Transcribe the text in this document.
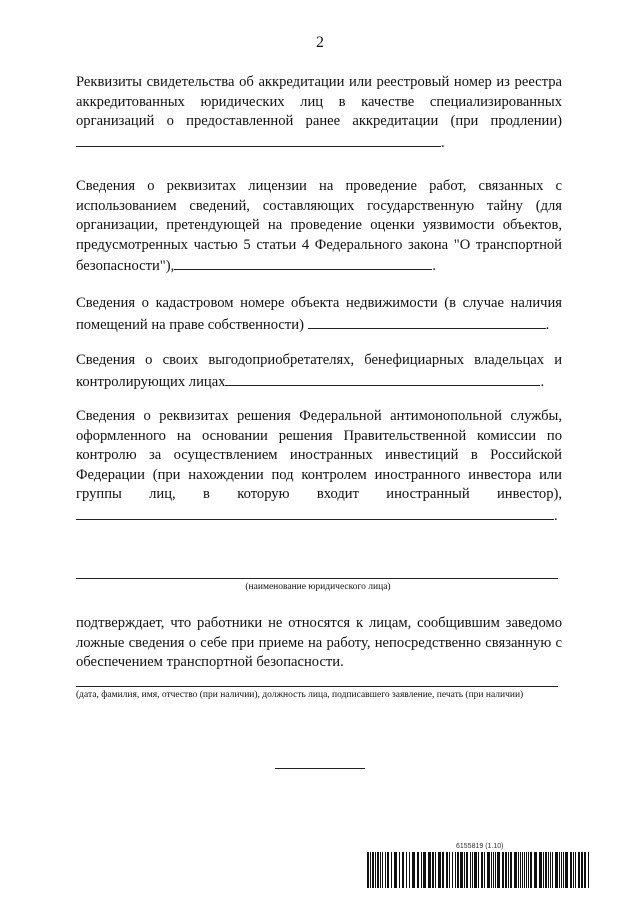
2
Реквизиты свидетельства об аккредитации или реестровый номер из реестра аккредитованных юридических лиц в качестве специализированных организаций о предоставленной ранее аккредитации (при продлении) .
Сведения о реквизитах лицензии на проведение работ, связанных с использованием сведений, составляющих государственную тайну (для организации, претендующей на проведение оценки уязвимости объектов, предусмотренных частью 5 статьи 4 Федерального закона "О транспортной безопасности"),	.
Сведения о кадастровом номере объекта недвижимости (в случае наличия помещений на праве собственности)	.
Сведения о своих выгодоприобретателях, бенефициарных владельцах и контролирующих лицах	.
Сведения о реквизитах решения Федеральной антимонопольной службы, оформленного на основании решения Правительственной комиссии по контролю за осуществлением иностранных инвестиций в Российской Федерации (при нахождении под контролем иностранного инвестора или группы лиц, в которую входит иностранный инвестор), .
(наименование юридического лица)
подтверждает, что работники не относятся к лицам, сообщившим заведомо ложные сведения о себе при приеме на работу, непосредственно связанную с обеспечением транспортной безопасности.
(дата, фамилия, имя, отчество (при наличии), должность лица, подписавшего заявление, печать (при наличии)
6155819 (1.10)
